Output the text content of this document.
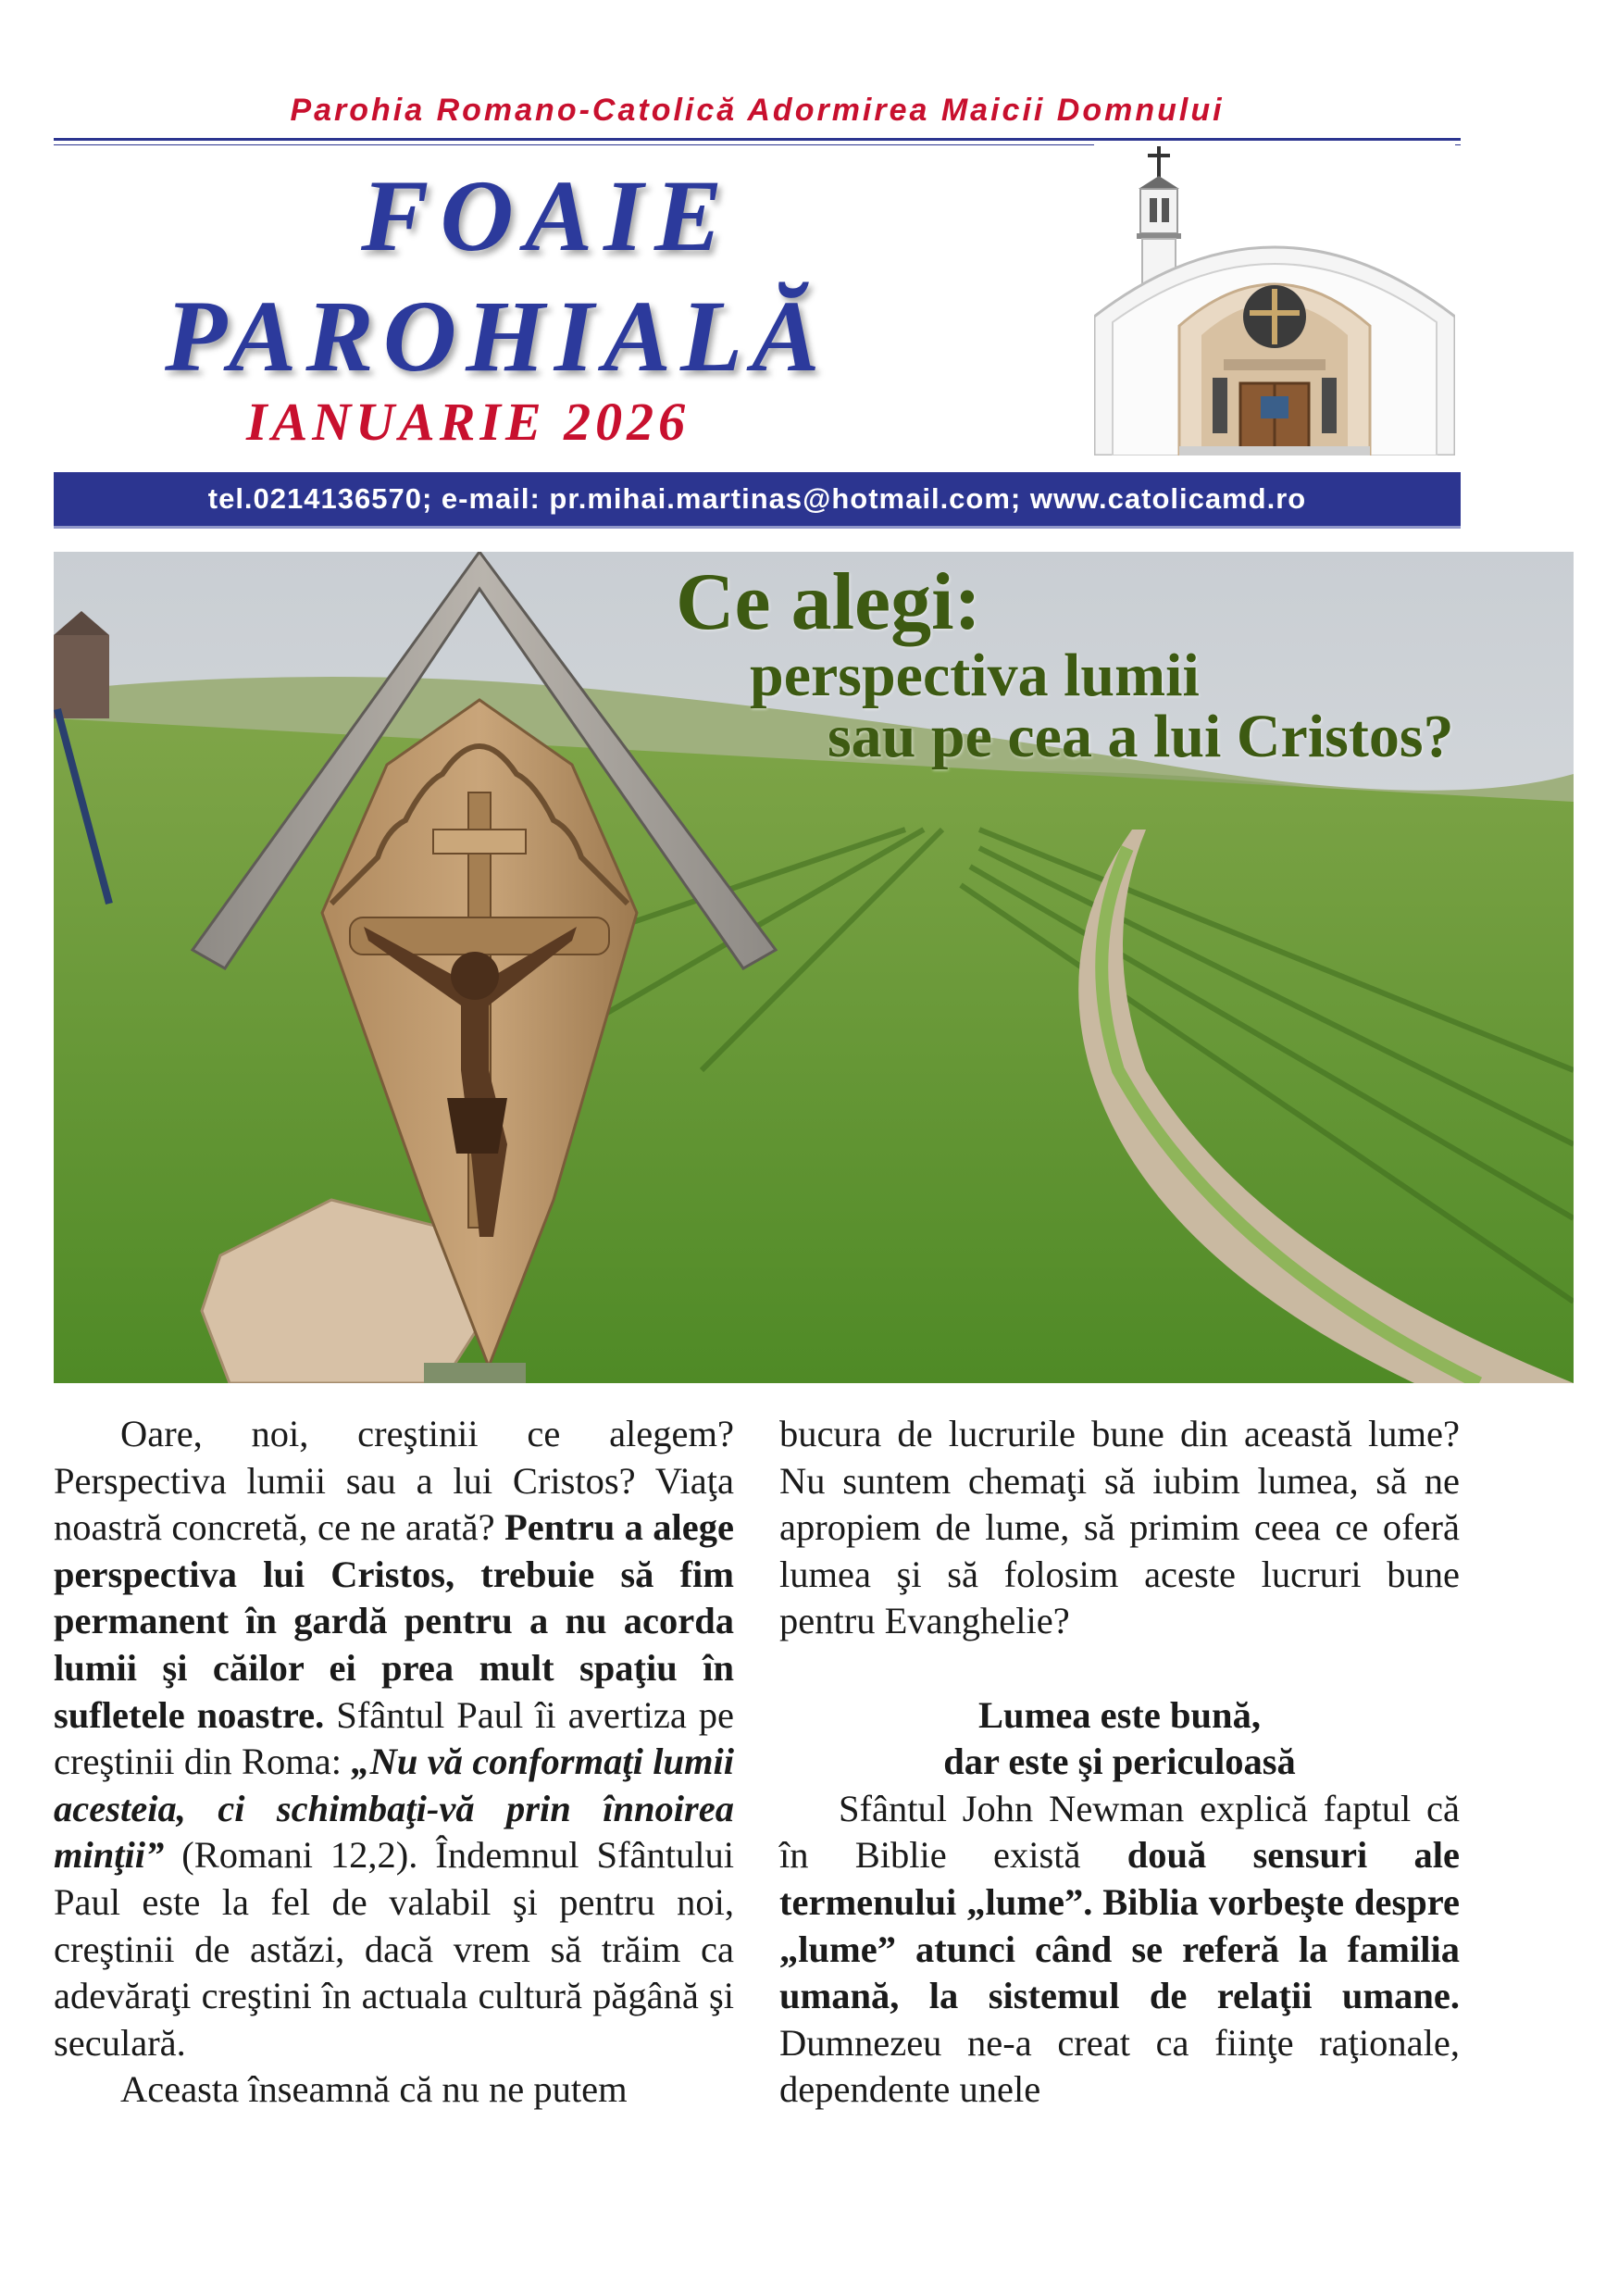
Parohia Romano-Catolică Adormirea Maicii Domnului
FOAIE
PAROHIALĂ
IANUARIE 2026
tel.0214136570; e-mail: pr.mihai.martinas@hotmail.com; www.catolicamd.ro
Ce alegi:
perspectiva lumii
sau pe cea a lui Cristos?

Oare, noi, creştinii ce alegem? Perspectiva lumii sau a lui Cristos? Viaţa noastră concretă, ce ne arată? Pentru a alege perspectiva lui Cristos, trebuie să fim permanent în gardă pentru a nu acorda lumii şi căilor ei prea mult spaţiu în sufletele noastre. Sfântul Paul îi avertiza pe creştinii din Roma: „Nu vă conformaţi lumii acesteia, ci schimbaţi-vă prin înnoirea minţii” (Romani 12,2). Îndemnul Sfântului Paul este la fel de valabil şi pentru noi, creştinii de astăzi, dacă vrem să trăim ca adevăraţi creştini în actuala cultură păgână şi seculară.

Aceasta înseamnă că nu ne putem

bucura de lucrurile bune din această lume? Nu suntem chemaţi să iubim lumea, să ne apropiem de lume, să primim ceea ce oferă lumea şi să folosim aceste lucruri bune pentru Evanghelie?

Lumea este bună,
dar este şi periculoasă

Sfântul John Newman explică faptul că în Biblie există două sensuri ale termenului „lume”. Biblia vorbeşte despre „lume” atunci când se referă la familia umană, la sistemul de relaţii umane. Dumnezeu ne-a creat ca fiinţe raţionale, dependente unele
